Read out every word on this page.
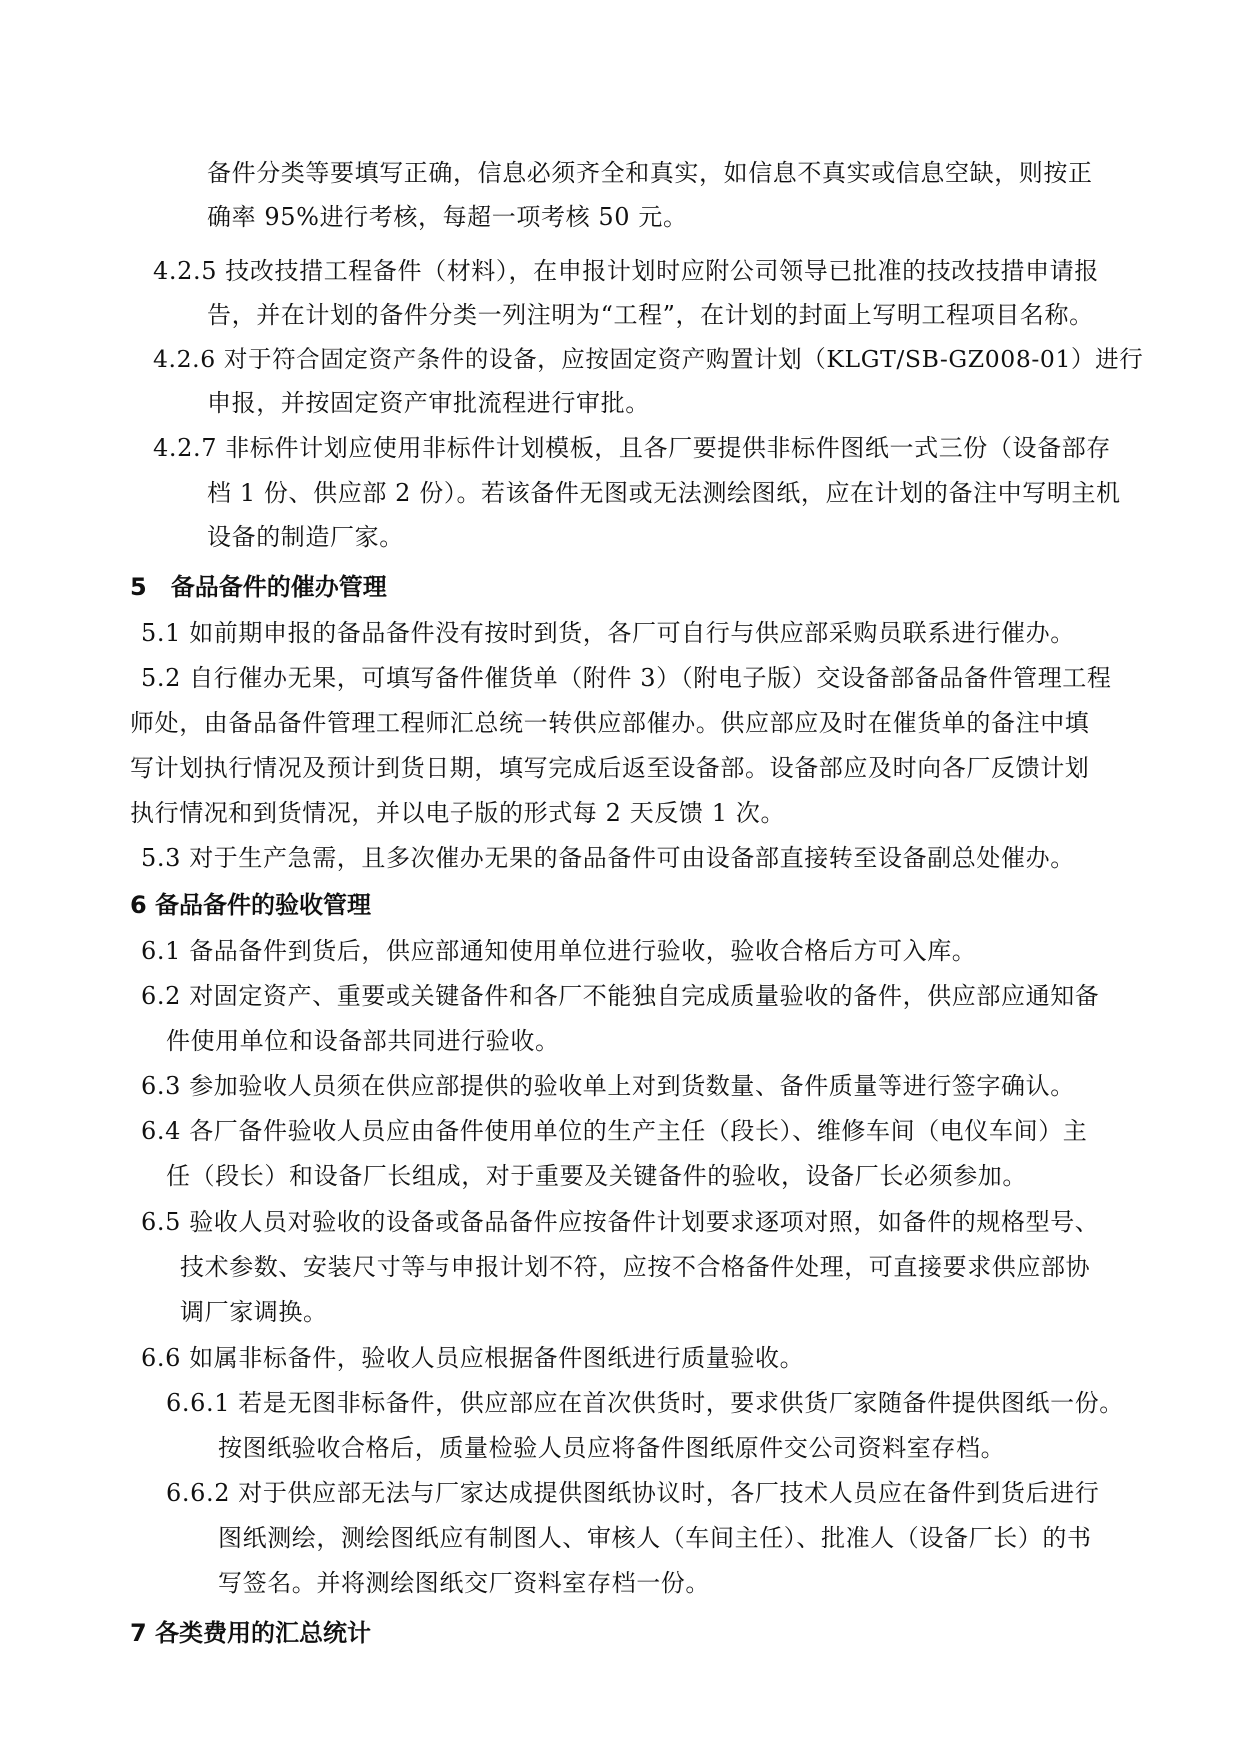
备件分类等要填写正确，信息必须齐全和真实，如信息不真实或信息空缺，则按正
确率 95%进行考核，每超一项考核 50 元。
4.2.5 技改技措工程备件（材料），在申报计划时应附公司领导已批准的技改技措申请报
告，并在计划的备件分类一列注明为“工程”，在计划的封面上写明工程项目名称。
4.2.6 对于符合固定资产条件的设备，应按固定资产购置计划（KLGT/SB-GZ008-01）进行
申报，并按固定资产审批流程进行审批。
4.2.7 非标件计划应使用非标件计划模板，且各厂要提供非标件图纸一式三份（设备部存
档 1 份、供应部 2 份）。若该备件无图或无法测绘图纸，应在计划的备注中写明主机
设备的制造厂家。
5　备品备件的催办管理
5.1 如前期申报的备品备件没有按时到货，各厂可自行与供应部采购员联系进行催办。
5.2 自行催办无果，可填写备件催货单（附件 3）（附电子版）交设备部备品备件管理工程
师处，由备品备件管理工程师汇总统一转供应部催办。供应部应及时在催货单的备注中填
写计划执行情况及预计到货日期，填写完成后返至设备部。设备部应及时向各厂反馈计划
执行情况和到货情况，并以电子版的形式每 2 天反馈 1 次。
5.3 对于生产急需，且多次催办无果的备品备件可由设备部直接转至设备副总处催办。
6 备品备件的验收管理
6.1 备品备件到货后，供应部通知使用单位进行验收，验收合格后方可入库。
6.2 对固定资产、重要或关键备件和各厂不能独自完成质量验收的备件，供应部应通知备
件使用单位和设备部共同进行验收。
6.3 参加验收人员须在供应部提供的验收单上对到货数量、备件质量等进行签字确认。
6.4 各厂备件验收人员应由备件使用单位的生产主任（段长）、维修车间（电仪车间）主
任（段长）和设备厂长组成，对于重要及关键备件的验收，设备厂长必须参加。
6.5 验收人员对验收的设备或备品备件应按备件计划要求逐项对照，如备件的规格型号、
技术参数、安装尺寸等与申报计划不符，应按不合格备件处理，可直接要求供应部协
调厂家调换。
6.6 如属非标备件，验收人员应根据备件图纸进行质量验收。
6.6.1 若是无图非标备件，供应部应在首次供货时，要求供货厂家随备件提供图纸一份。
按图纸验收合格后，质量检验人员应将备件图纸原件交公司资料室存档。
6.6.2 对于供应部无法与厂家达成提供图纸协议时，各厂技术人员应在备件到货后进行
图纸测绘，测绘图纸应有制图人、审核人（车间主任）、批准人（设备厂长）的书
写签名。并将测绘图纸交厂资料室存档一份。
7 各类费用的汇总统计
